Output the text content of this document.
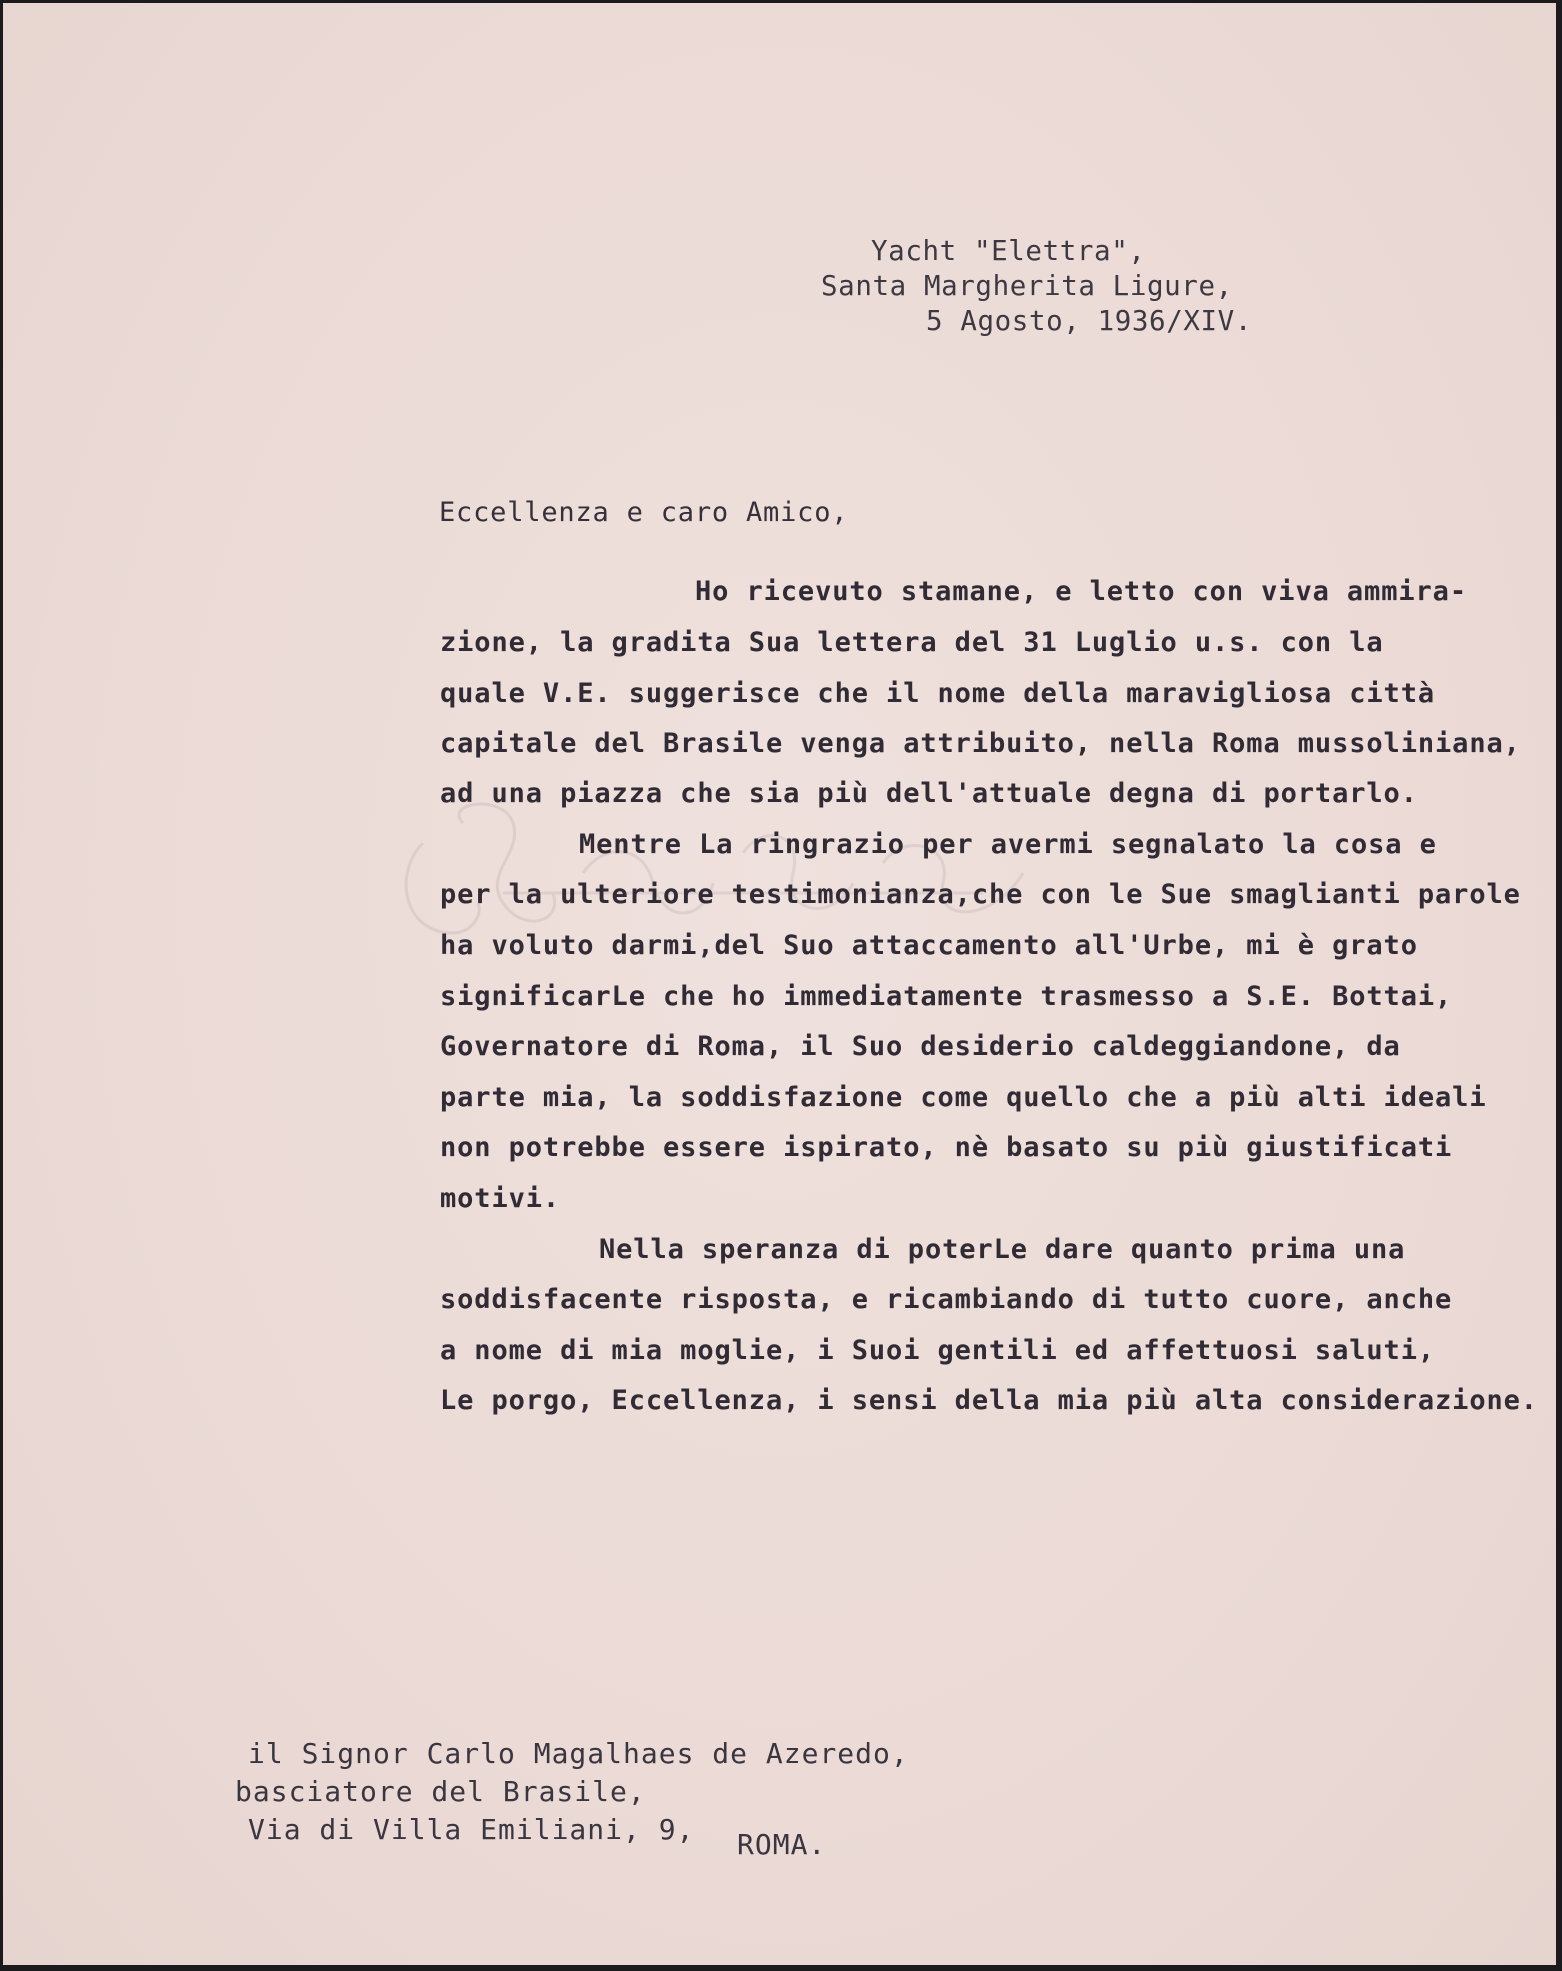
Yacht "Elettra",
Santa Margherita Ligure,
5 Agosto, 1936/XIV.
Eccellenza e caro Amico,
Ho ricevuto stamane, e letto con viva ammira-
zione, la gradita Sua lettera del 31 Luglio u.s. con la
quale V.E. suggerisce che il nome della maravigliosa città
capitale del Brasile venga attribuito, nella Roma mussoliniana,
ad una piazza che sia più dell'attuale degna di portarlo.
Mentre La ringrazio per avermi segnalato la cosa e
per la ulteriore testimonianza,che con le Sue smaglianti parole
ha voluto darmi,del Suo attaccamento all'Urbe, mi è grato
significarLe che ho immediatamente trasmesso a S.E. Bottai,
Governatore di Roma, il Suo desiderio caldeggiandone, da
parte mia, la soddisfazione come quello che a più alti ideali
non potrebbe essere ispirato, nè basato su più giustificati
motivi.
Nella speranza di poterLe dare quanto prima una
soddisfacente risposta, e ricambiando di tutto cuore, anche
a nome di mia moglie, i Suoi gentili ed affettuosi saluti,
Le porgo, Eccellenza, i sensi della mia più alta considerazione.
il Signor Carlo Magalhaes de Azeredo,
basciatore del Brasile,
Via di Villa Emiliani, 9, ROMA.
